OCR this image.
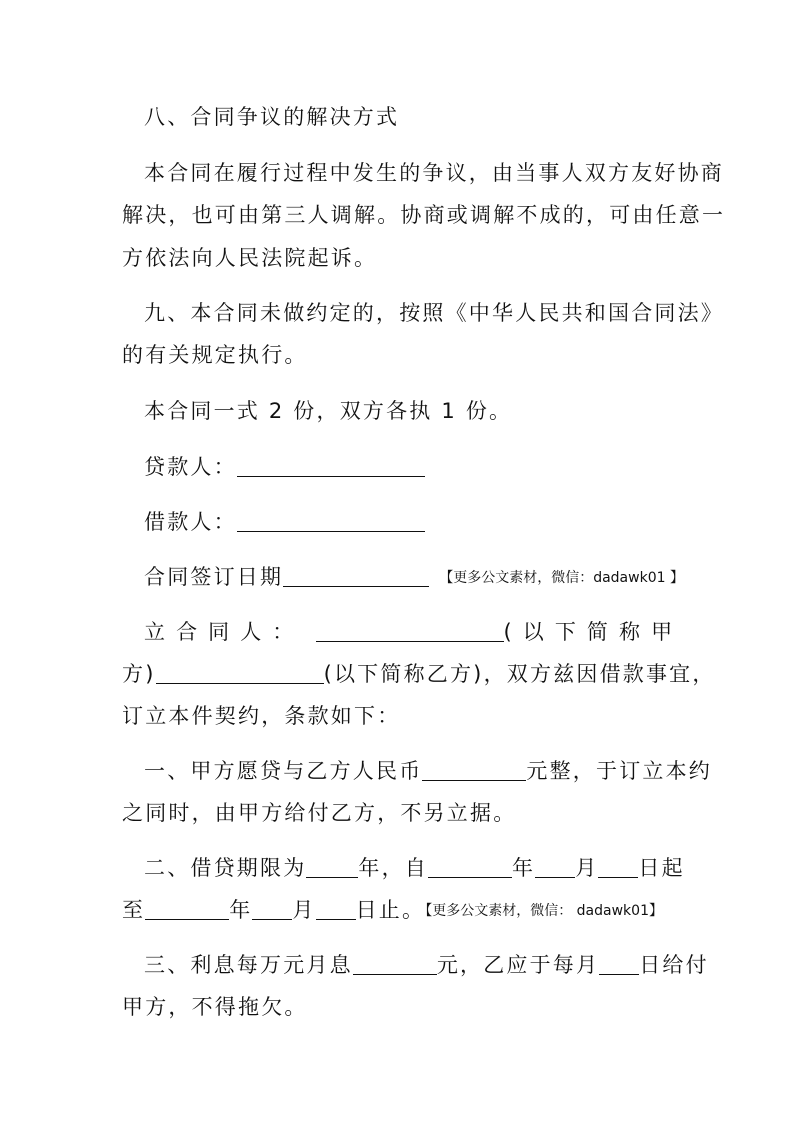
八、合同争议的解决方式
本合同在履行过程中发生的争议，由当事人双方友好协商
解决，也可由第三人调解。协商或调解不成的，可由任意一
方依法向人民法院起诉。
九、本合同未做约定的，按照《中华人民共和国合同法》
的有关规定执行。
本合同一式 2 份，双方各执 1 份。
贷款人：
借款人：
合同签订日期	【更多公文素材，微信：dadawk01 】
立 合 同 人 ：	( 以 下 简 称 甲
方)	(以下简称乙方)，双方兹因借款事宜，
订立本件契约，条款如下：
一、甲方愿贷与乙方人民币	元整，于订立本约
之同时，由甲方给付乙方，不另立据。
二、借贷期限为 年，自	年 月 日起
至	年 月 日止。【更多公文素材，微信： dadawk01】
三、利息每万元月息	元，乙应于每月 日给付
甲方，不得拖欠。
